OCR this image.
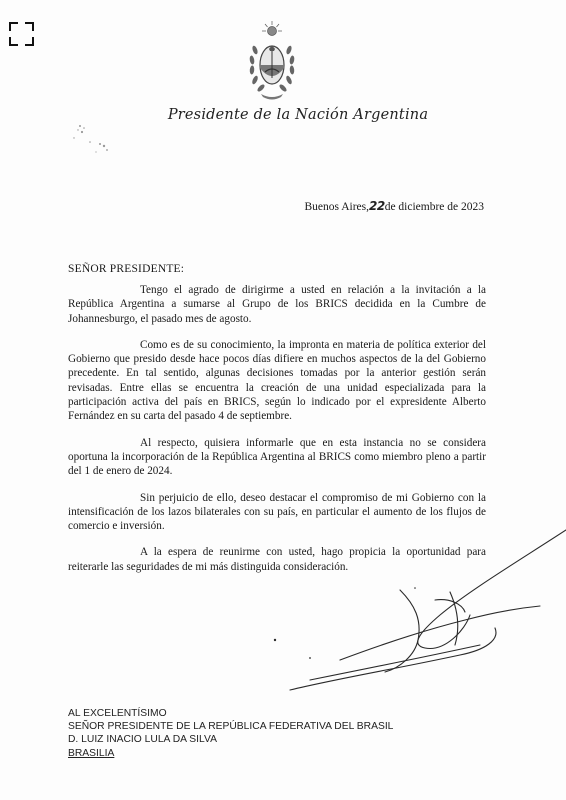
Presidente de la Nación Argentina
Buenos Aires,22de diciembre de 2023
SEÑOR PRESIDENTE:

Tengo el agrado de dirigirme a usted en relación a la invitación a la República Argentina a sumarse al Grupo de los BRICS decidida en la Cumbre de Johannesburgo, el pasado mes de agosto.

Como es de su conocimiento, la impronta en materia de política exterior del Gobierno que presido desde hace pocos días difiere en muchos aspectos de la del Gobierno precedente. En tal sentido, algunas decisiones tomadas por la anterior gestión serán revisadas. Entre ellas se encuentra la creación de una unidad especializada para la participación activa del país en BRICS, según lo indicado por el expresidente Alberto Fernández en su carta del pasado 4 de septiembre.

Al respecto, quisiera informarle que en esta instancia no se considera oportuna la incorporación de la República Argentina al BRICS como miembro pleno a partir del 1 de enero de 2024.

Sin perjuicio de ello, deseo destacar el compromiso de mi Gobierno con la intensificación de los lazos bilaterales con su país, en particular el aumento de los flujos de comercio e inversión.

A la espera de reunirme con usted, hago propicia la oportunidad para reiterarle las seguridades de mi más distinguida consideración.

AL EXCELENTÍSIMO
SEÑOR PRESIDENTE DE LA REPÚBLICA FEDERATIVA DEL BRASIL
D. LUIZ INACIO LULA DA SILVA
BRASILIA
